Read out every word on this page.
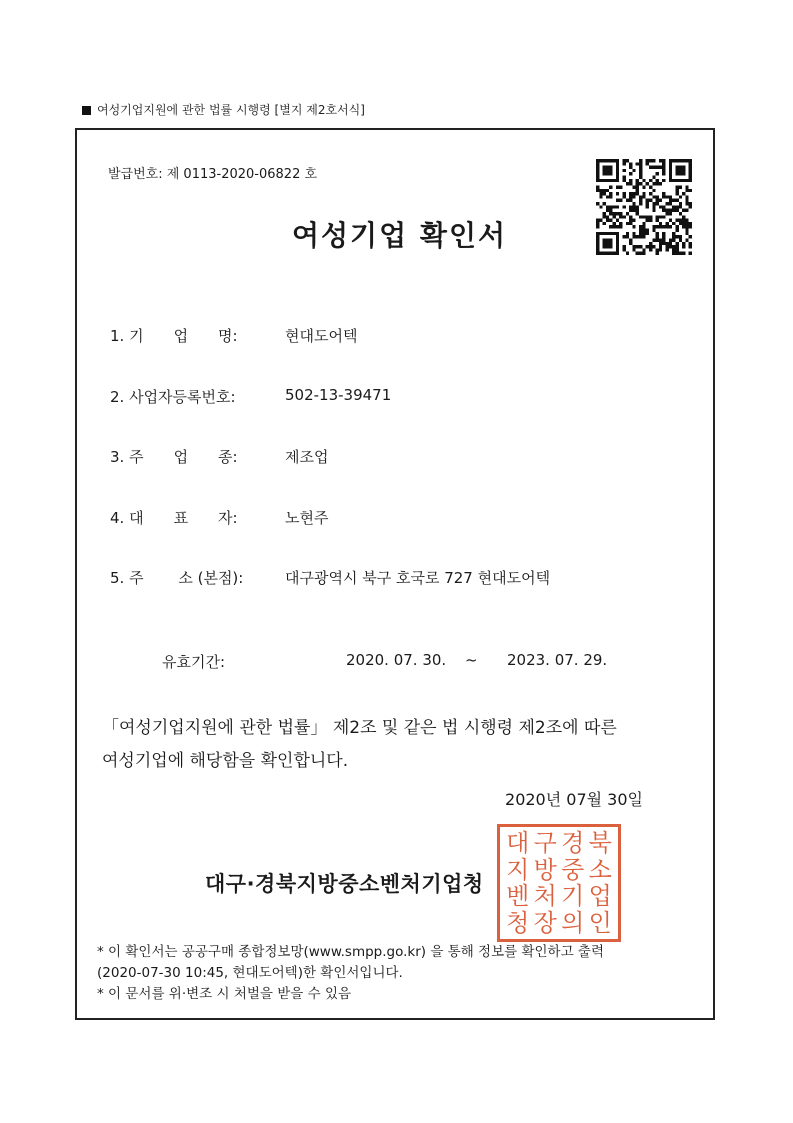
여성기업지원에 관한 법률 시행령 [별지 제2호서식]
발급번호: 제 0113-2020-06822 호
여성기업 확인서
1. 기　　업　　명:	현대도어텍
2. 사업자등록번호:	502-13-39471
3. 주　　업　　종:	제조업
4. 대　　표　　자:	노현주
5. 주　　 소 (본점):	대구광역시 북구 호국로 727 현대도어텍
유효기간:	2020. 07. 30. ~ 2023. 07. 29.
「여성기업지원에 관한 법률」 제2조 및 같은 법 시행령 제2조에 따른
여성기업에 해당함을 확인합니다.
2020년 07월 30일
대구·경북지방중소벤처기업청
대 구 경 북
지 방 중 소
벤 처 기 업
청 장 의 인
* 이 확인서는 공공구매 종합정보망(www.smpp.go.kr) 을 통해 정보를 확인하고 출력
(2020-07-30 10:45, 현대도어텍)한 확인서입니다.
* 이 문서를 위·변조 시 처벌을 받을 수 있음
